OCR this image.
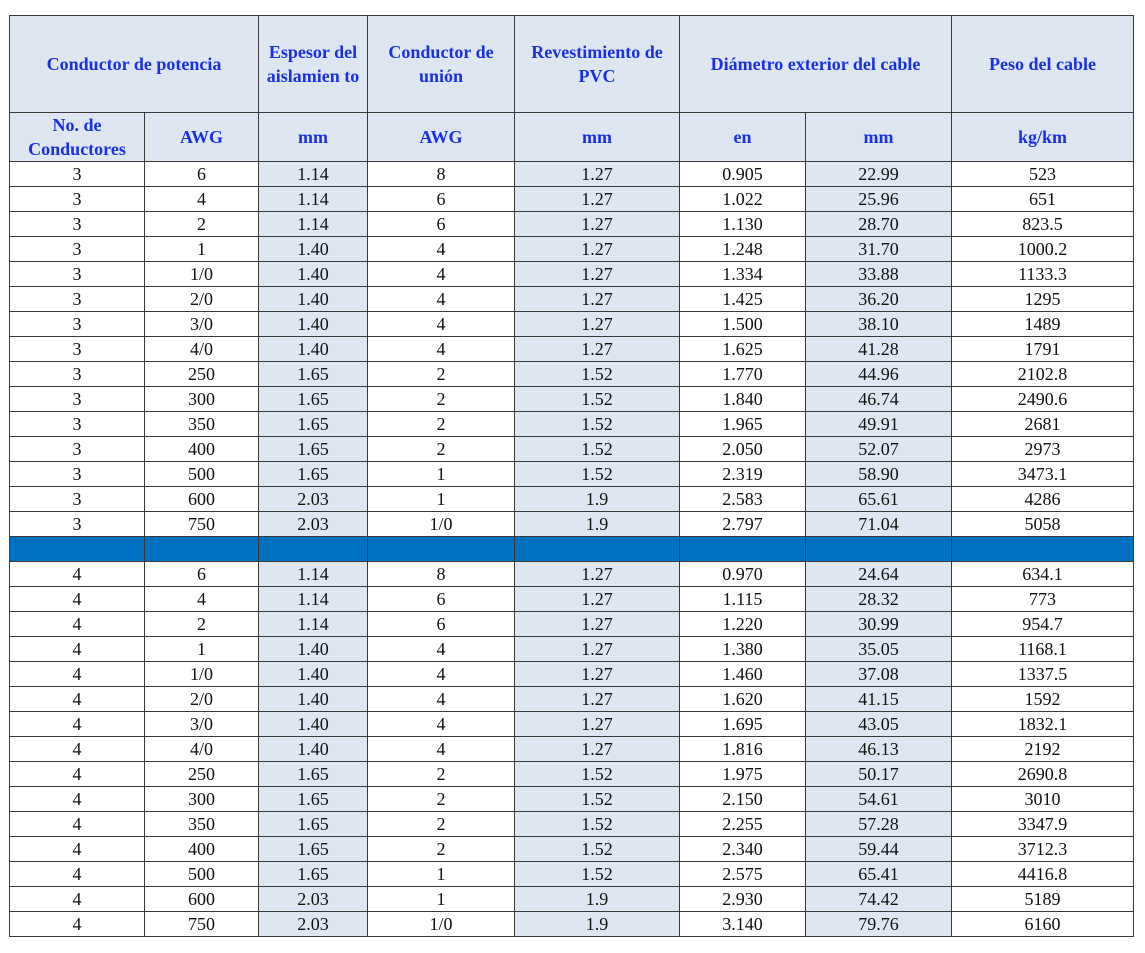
Conductor de potencia		Espesor del aislamien to	Conductor de unión	Revestimiento de PVC	Diámetro exterior del cable		Peso del cable
No. de Conductores	AWG	mm	AWG	mm	en	mm	kg/km
3	6	1.14	8	1.27	0.905	22.99	523
3	4	1.14	6	1.27	1.022	25.96	651
3	2	1.14	6	1.27	1.130	28.70	823.5
3	1	1.40	4	1.27	1.248	31.70	1000.2
3	1/0	1.40	4	1.27	1.334	33.88	1133.3
3	2/0	1.40	4	1.27	1.425	36.20	1295
3	3/0	1.40	4	1.27	1.500	38.10	1489
3	4/0	1.40	4	1.27	1.625	41.28	1791
3	250	1.65	2	1.52	1.770	44.96	2102.8
3	300	1.65	2	1.52	1.840	46.74	2490.6
3	350	1.65	2	1.52	1.965	49.91	2681
3	400	1.65	2	1.52	2.050	52.07	2973
3	500	1.65	1	1.52	2.319	58.90	3473.1
3	600	2.03	1	1.9	2.583	65.61	4286
3	750	2.03	1/0	1.9	2.797	71.04	5058

4	6	1.14	8	1.27	0.970	24.64	634.1
4	4	1.14	6	1.27	1.115	28.32	773
4	2	1.14	6	1.27	1.220	30.99	954.7
4	1	1.40	4	1.27	1.380	35.05	1168.1
4	1/0	1.40	4	1.27	1.460	37.08	1337.5
4	2/0	1.40	4	1.27	1.620	41.15	1592
4	3/0	1.40	4	1.27	1.695	43.05	1832.1
4	4/0	1.40	4	1.27	1.816	46.13	2192
4	250	1.65	2	1.52	1.975	50.17	2690.8
4	300	1.65	2	1.52	2.150	54.61	3010
4	350	1.65	2	1.52	2.255	57.28	3347.9
4	400	1.65	2	1.52	2.340	59.44	3712.3
4	500	1.65	1	1.52	2.575	65.41	4416.8
4	600	2.03	1	1.9	2.930	74.42	5189
4	750	2.03	1/0	1.9	3.140	79.76	6160
